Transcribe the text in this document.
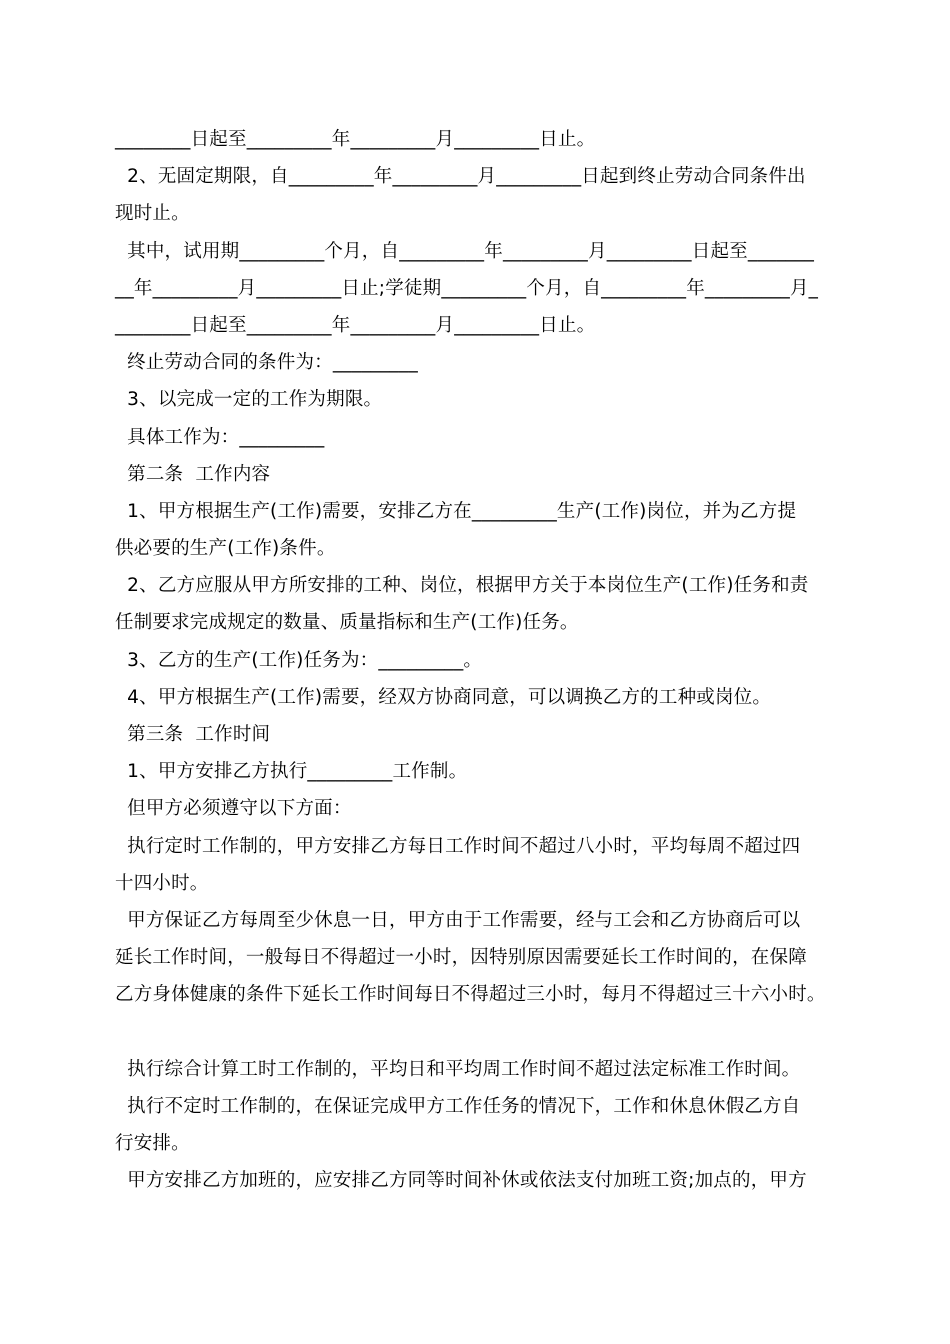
________日起至_________年_________月_________日止。
2、无固定期限，自_________年_________月_________日起到终止劳动合同条件出
现时止。
其中，试用期_________个月，自_________年_________月_________日起至_______
__年_________月_________日止;学徒期_________个月，自_________年_________月_
________日起至_________年_________月_________日止。
终止劳动合同的条件为：_________
3、以完成一定的工作为期限。
具体工作为：_________
第二条  工作内容
1、甲方根据生产(工作)需要，安排乙方在_________生产(工作)岗位，并为乙方提
供必要的生产(工作)条件。
2、乙方应服从甲方所安排的工种、岗位，根据甲方关于本岗位生产(工作)任务和责
任制要求完成规定的数量、质量指标和生产(工作)任务。
3、乙方的生产(工作)任务为：_________。
4、甲方根据生产(工作)需要，经双方协商同意，可以调换乙方的工种或岗位。
第三条  工作时间
1、甲方安排乙方执行_________工作制。
但甲方必须遵守以下方面：
执行定时工作制的，甲方安排乙方每日工作时间不超过八小时，平均每周不超过四
十四小时。
甲方保证乙方每周至少休息一日，甲方由于工作需要，经与工会和乙方协商后可以
延长工作时间，一般每日不得超过一小时，因特别原因需要延长工作时间的，在保障
乙方身体健康的条件下延长工作时间每日不得超过三小时，每月不得超过三十六小时。
执行综合计算工时工作制的，平均日和平均周工作时间不超过法定标准工作时间。
执行不定时工作制的，在保证完成甲方工作任务的情况下，工作和休息休假乙方自
行安排。
甲方安排乙方加班的，应安排乙方同等时间补休或依法支付加班工资;加点的，甲方
